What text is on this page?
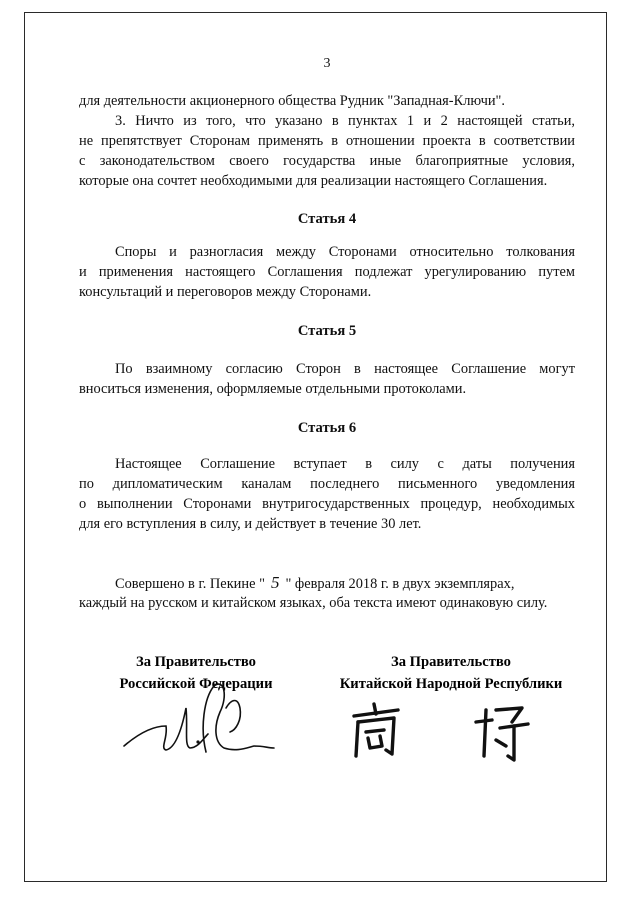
3
для деятельности акционерного общества Рудник "Западная-Ключи".
3. Ничто из того, что указано в пунктах 1 и 2 настоящей статьи,
не препятствует Сторонам применять в отношении проекта в соответствии
с законодательством своего государства иные благоприятные условия,
которые она сочтет необходимыми для реализации настоящего Соглашения.
Статья 4
Споры и разногласия между Сторонами относительно толкования
и применения настоящего Соглашения подлежат урегулированию путем
консультаций и переговоров между Сторонами.
Статья 5
По взаимному согласию Сторон в настоящее Соглашение могут
вноситься изменения, оформляемые отдельными протоколами.
Статья 6
Настоящее Соглашение вступает в силу с даты получения
по дипломатическим каналам последнего письменного уведомления
о выполнении Сторонами внутригосударственных процедур, необходимых
для его вступления в силу, и действует в течение 30 лет.
Совершено в г. Пекине " 5 " февраля 2018 г. в двух экземплярах,
каждый на русском и китайском языках, оба текста имеют одинаковую силу.
За Правительство
Российской Федерации
За Правительство
Китайской Народной Республики
